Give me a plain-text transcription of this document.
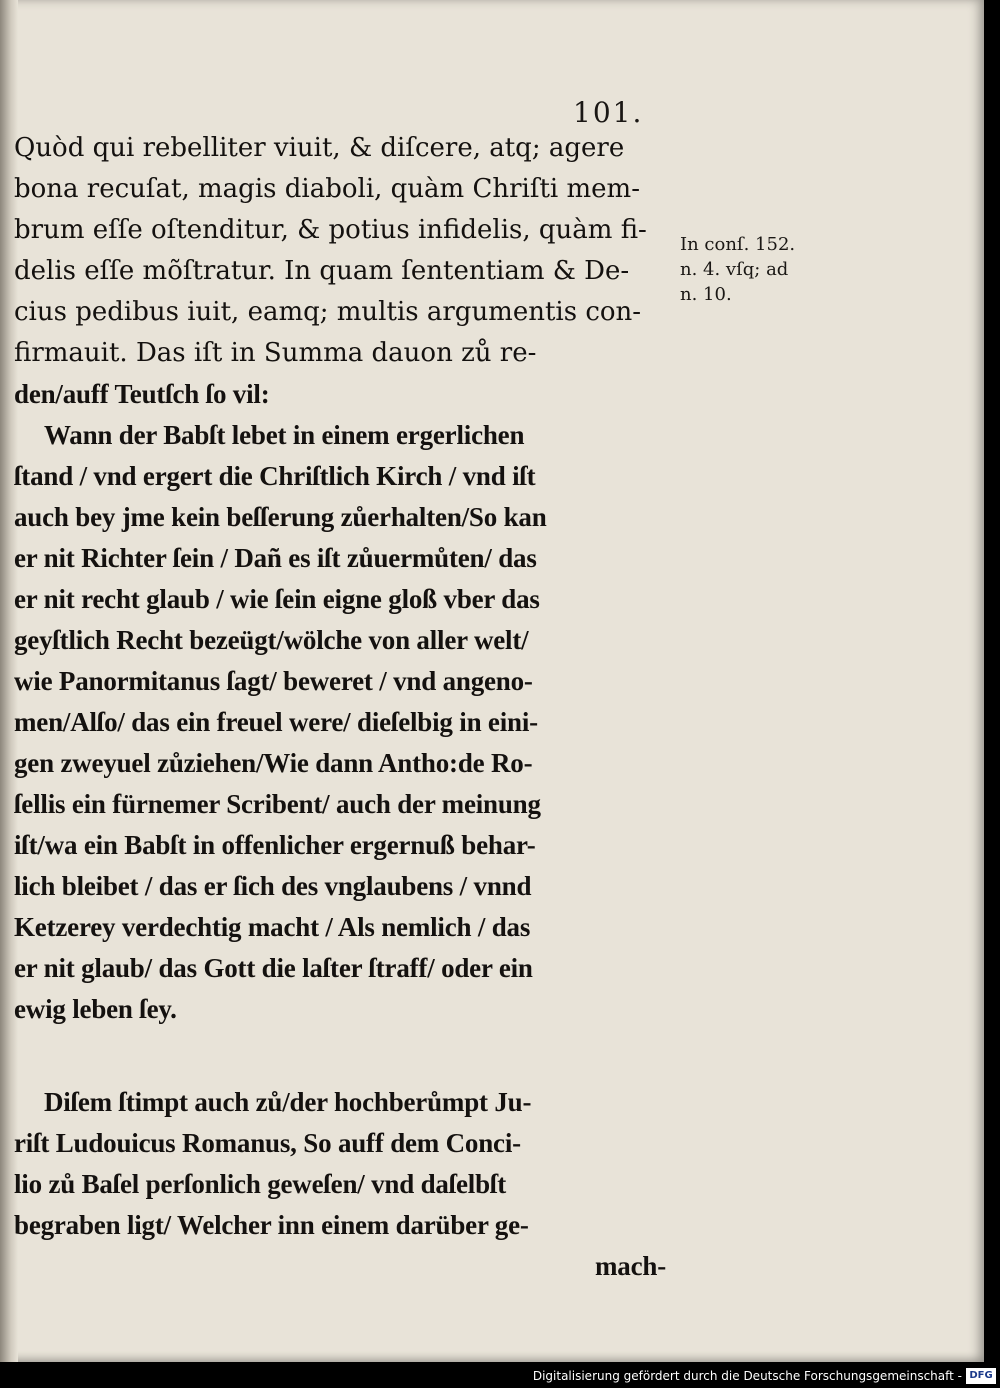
101.
Quòd qui rebelliter viuit, & diſcere, atq; agere
bona recuſat, magis diaboli, quàm Chriſti mem-
brum eſſe oſtenditur, & potius infidelis, quàm fi-
delis eſſe mõſtratur. In quam ſententiam & De-
cius pedibus iuit, eamq; multis argumentis con-
firmauit. Das iſt in Summa dauon zů re-
den/auff Teutſch ſo vil:
Wann der Babſt lebet in einem ergerlichen
ſtand / vnd ergert die Chriſtlich Kirch / vnd iſt
auch bey jme kein beſſerung zůerhalten/So kan
er nit Richter ſein / Dañ es iſt zůuermůten/ das
er nit recht glaub / wie ſein eigne gloß vber das
geyſtlich Recht bezeügt/wölche von aller welt/
wie Panormitanus ſagt/ beweret / vnd angeno-
men/Alſo/ das ein freuel were/ dieſelbig in eini-
gen zweyuel zůziehen/Wie dann Antho:de Ro-
ſellis ein fürnemer Scribent/ auch der meinung
iſt/wa ein Babſt in offenlicher ergernuß behar-
lich bleibet / das er ſich des vnglaubens / vnnd
Ketzerey verdechtig macht / Als nemlich / das
er nit glaub/ das Gott die laſter ſtraff/ oder ein
ewig leben ſey.
Diſem ſtimpt auch zů/der hochberůmpt Ju-
riſt Ludouicus Romanus, So auff dem Conci-
lio zů Baſel perſonlich geweſen/ vnd daſelbſt
begraben ligt/ Welcher inn einem darüber ge-
mach-
In conſ. 152.
n. 4. vſq; ad
n. 10.
Digitalisierung gefördert durch die Deutsche Forschungsgemeinschaft - DFG
